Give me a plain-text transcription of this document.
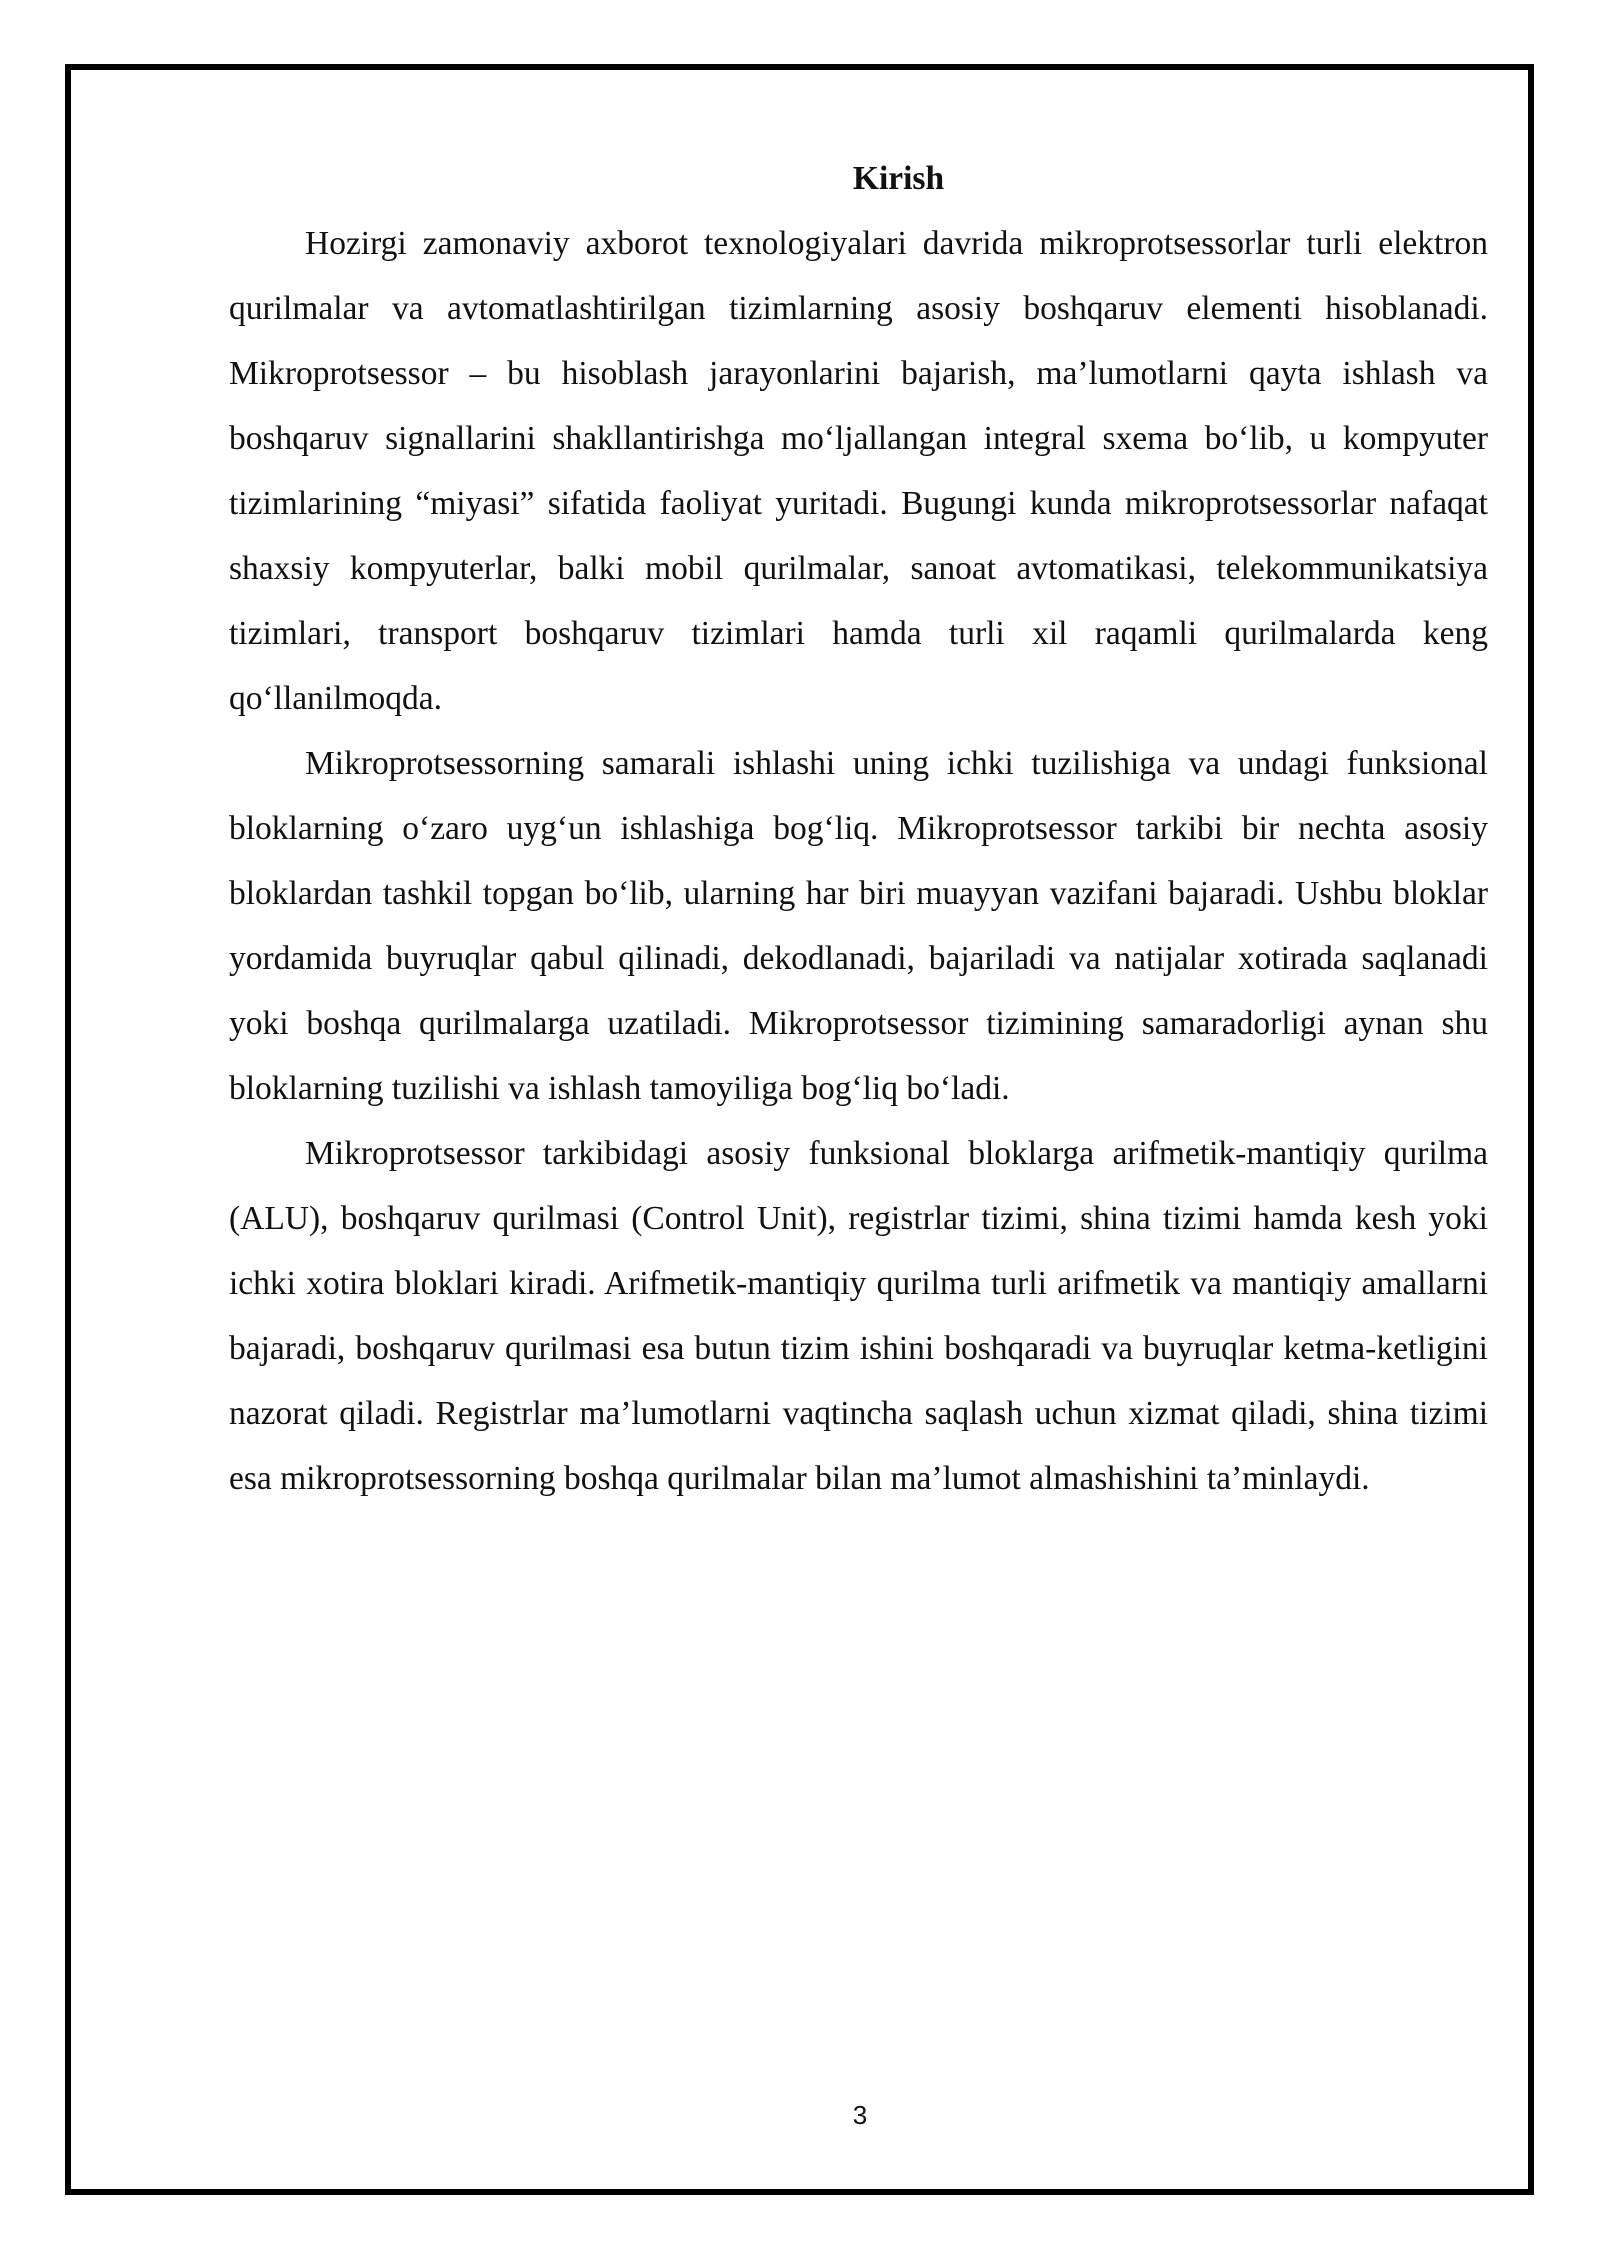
Kirish

Hozirgi zamonaviy axborot texnologiyalari davrida mikroprotsessorlar turli elektron qurilmalar va avtomatlashtirilgan tizimlarning asosiy boshqaruv elementi hisoblanadi. Mikroprotsessor – bu hisoblash jarayonlarini bajarish, ma’lumotlarni qayta ishlash va boshqaruv signallarini shakllantirishga mo‘ljallangan integral sxema bo‘lib, u kompyuter tizimlarining “miyasi” sifatida faoliyat yuritadi. Bugungi kunda mikroprotsessorlar nafaqat shaxsiy kompyuterlar, balki mobil qurilmalar, sanoat avtomatikasi, telekommunikatsiya tizimlari, transport boshqaruv tizimlari hamda turli xil raqamli qurilmalarda keng qo‘llanilmoqda.

Mikroprotsessorning samarali ishlashi uning ichki tuzilishiga va undagi funksional bloklarning o‘zaro uyg‘un ishlashiga bog‘liq. Mikroprotsessor tarkibi bir nechta asosiy bloklardan tashkil topgan bo‘lib, ularning har biri muayyan vazifani bajaradi. Ushbu bloklar yordamida buyruqlar qabul qilinadi, dekodlanadi, bajariladi va natijalar xotirada saqlanadi yoki boshqa qurilmalarga uzatiladi. Mikroprotsessor tizimining samaradorligi aynan shu bloklarning tuzilishi va ishlash tamoyiliga bog‘liq bo‘ladi.

Mikroprotsessor tarkibidagi asosiy funksional bloklarga arifmetik-mantiqiy qurilma (ALU), boshqaruv qurilmasi (Control Unit), registrlar tizimi, shina tizimi hamda kesh yoki ichki xotira bloklari kiradi. Arifmetik-mantiqiy qurilma turli arifmetik va mantiqiy amallarni bajaradi, boshqaruv qurilmasi esa butun tizim ishini boshqaradi va buyruqlar ketma-ketligini nazorat qiladi. Registrlar ma’lumotlarni vaqtincha saqlash uchun xizmat qiladi, shina tizimi esa mikroprotsessorning boshqa qurilmalar bilan ma’lumot almashishini ta’minlaydi.

3
